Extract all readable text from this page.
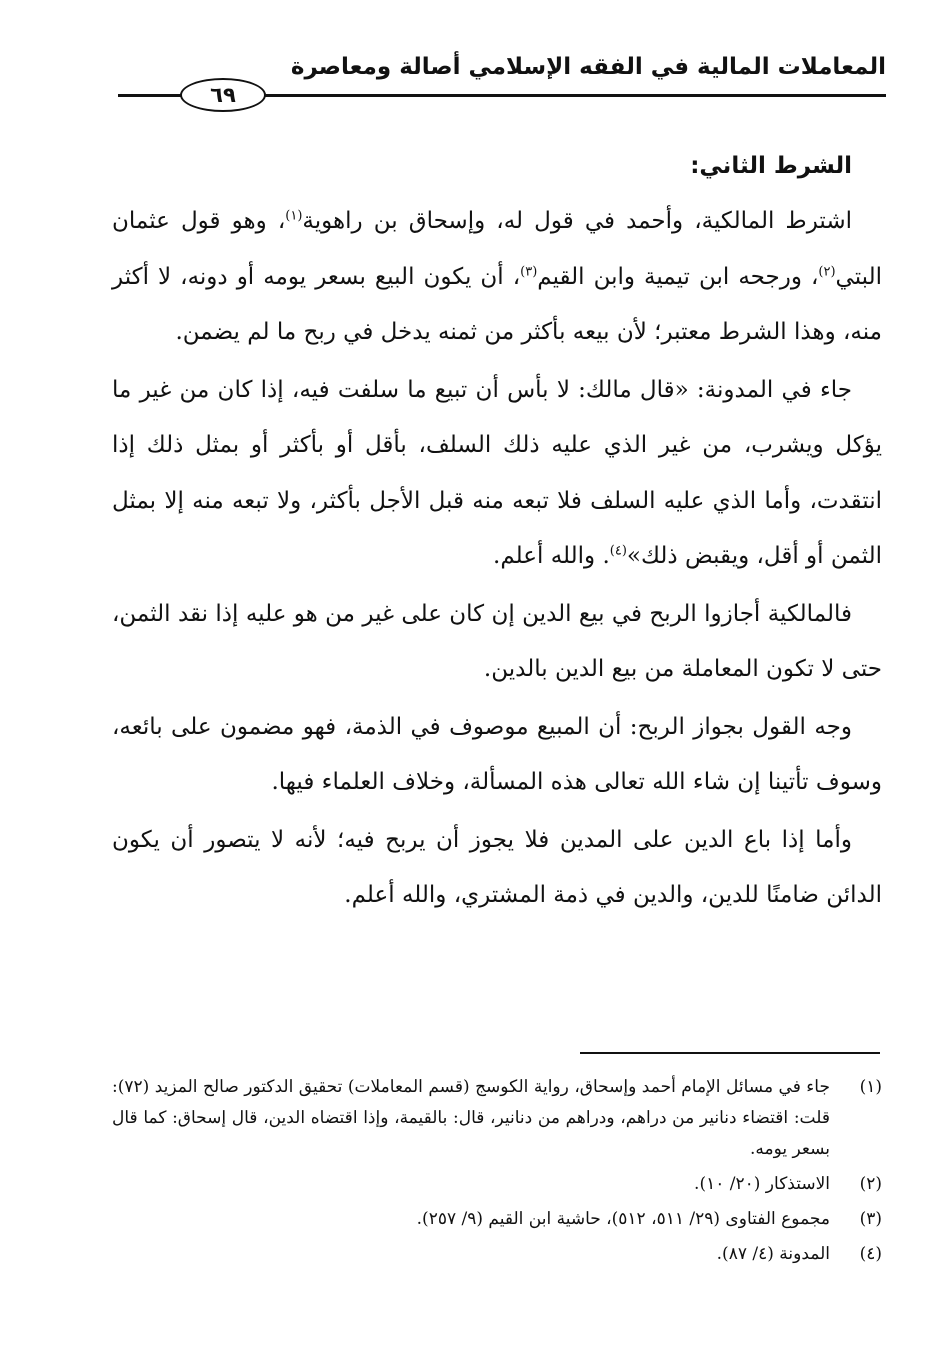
المعاملات المالية في الفقه الإسلامي أصالة ومعاصرة
٦٩
الشرط الثاني:

اشترط المالكية، وأحمد في قول له، وإسحاق بن راهوية$^{(١)}$، وهو قول عثمان البتي$^{(٢)}$، ورجحه ابن تيمية وابن القيم$^{(٣)}$، أن يكون البيع بسعر يومه أو دونه، لا أكثر منه، وهذا الشرط معتبر؛ لأن بيعه بأكثر من ثمنه يدخل في ربح ما لم يضمن.

جاء في المدونة: «قال مالك: لا بأس أن تبيع ما سلفت فيه، إذا كان من غير ما يؤكل ويشرب، من غير الذي عليه ذلك السلف، بأقل أو بأكثر أو بمثل ذلك إذا انتقدت، وأما الذي عليه السلف فلا تبعه منه قبل الأجل بأكثر، ولا تبعه منه إلا بمثل الثمن أو أقل، ويقبض ذلك»$^{(٤)}$. والله أعلم.

فالمالكية أجازوا الربح في بيع الدين إن كان على غير من هو عليه إذا نقد الثمن، حتى لا تكون المعاملة من بيع الدين بالدين.

وجه القول بجواز الربح: أن المبيع موصوف في الذمة، فهو مضمون على بائعه، وسوف تأتينا إن شاء الله تعالى هذه المسألة، وخلاف العلماء فيها.

وأما إذا باع الدين على المدين فلا يجوز أن يربح فيه؛ لأنه لا يتصور أن يكون الدائن ضامنًا للدين، والدين في ذمة المشتري، والله أعلم.

(١)
جاء في مسائل الإمام أحمد وإسحاق، رواية الكوسج (قسم المعاملات) تحقيق الدكتور صالح المزيد (٧٢): قلت: اقتضاء دنانير من دراهم، ودراهم من دنانير، قال: بالقيمة، وإذا اقتضاه الدين، قال إسحاق: كما قال بسعر يومه.
(٢)
الاستذكار (٢٠/ ١٠).
(٣)
مجموع الفتاوى (٢٩/ ٥١١، ٥١٢)، حاشية ابن القيم (٩/ ٢٥٧).
(٤)
المدونة (٤/ ٨٧).
